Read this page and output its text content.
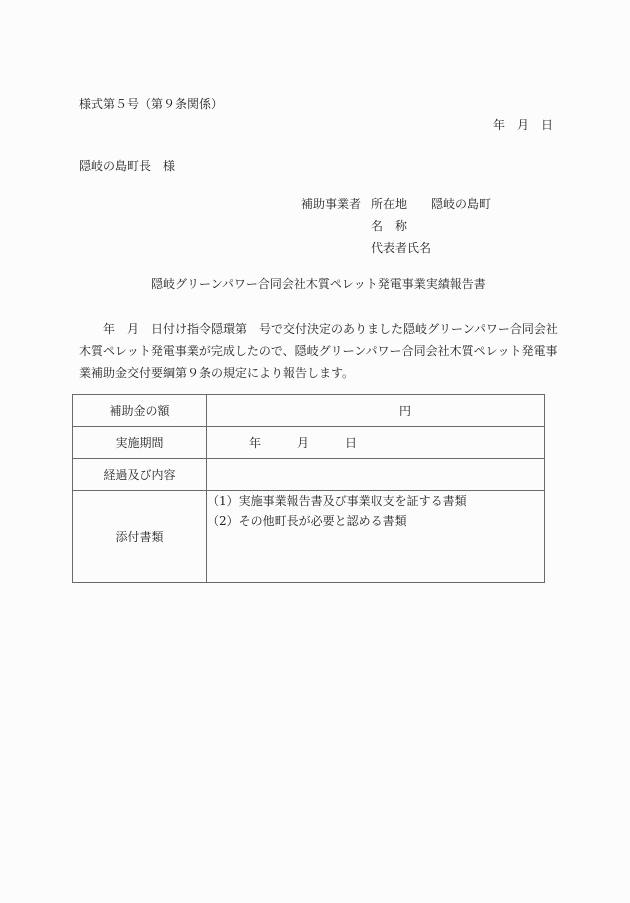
様式第５号（第９条関係）
年 月 日
隠岐の島町長　様
補助事業者 所在地 隠岐の島町
名　称
代表者氏名
隠岐グリーンパワー合同会社木質ペレット発電事業実績報告書
　　年　月　日付け指令隠環第　号で交付決定のありました隠岐グリーンパワー合同会社
木質ペレット発電事業が完成したので、隠岐グリーンパワー合同会社木質ペレット発電事
業補助金交付要綱第９条の規定により報告します。
補助金の額	円

実施期間	年 月 日

経過及び内容	
添付書類	（1）実施事業報告書及び事業収支を証する書類
（2）その他町長が必要と認める書類
